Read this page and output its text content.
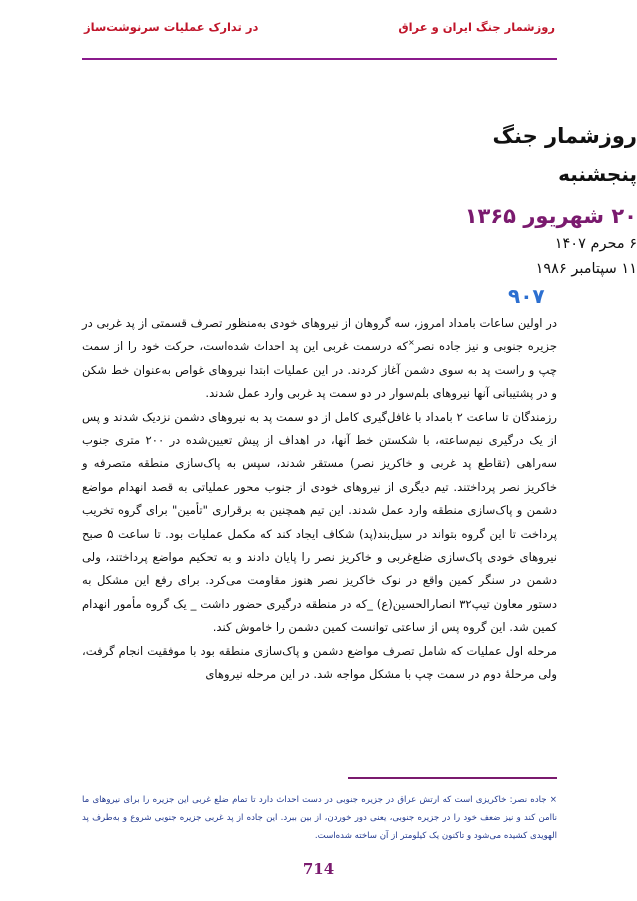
روزشمار جنگ ایران و عراق
در تدارک عملیات سرنوشت‌ساز
روزشمار جنگ
پنجشنبه
۲۰ شهریور ۱۳۶۵
۶ محرم ۱۴۰۷
۱۱ سپتامبر ۱۹۸۶
۹۰۷

در اولین ساعات بامداد امروز، سه گروهان از نیروهای خودی به‌منظور تصرف قسمتی از پد غربی در جزیره جنوبی و نیز جاده نصر×که درسمت غربی این پد احداث شده‌است، حرکت خود را از سمت چپ و راست پد به سوی دشمن آغاز کردند. در این عملیات ابتدا نیروهای غواص به‌عنوان خط شکن و در پشتیبانی آنها نیروهای بلم‌سوار در دو سمت پد غربی وارد عمل شدند.

رزمندگان تا ساعت ۲ بامداد با غافل‌گیری کامل از دو سمت پد به نیروهای دشمن نزدیک شدند و پس از یک درگیری نیم‌ساعته، با شکستن خط آنها، در اهداف از پیش تعیین‌شده در ۲۰۰ متری جنوب سه‌راهی (تقاطع پد غربی و خاکریز نصر) مستقر شدند، سپس به پاک‌سازی منطقه متصرفه و خاکریز نصر پرداختند. تیم دیگری از نیروهای خودی از جنوب محور عملیاتی به قصد انهدام مواضع دشمن و پاک‌سازی منطقه وارد عمل شدند. این تیم همچنین به برقراری "تأمین" برای گروه تخریب پرداخت تا این گروه بتواند در سیل‌بند(پد) شکاف ایجاد کند که مکمل عملیات بود. تا ساعت ۵ صبح نیروهای خودی پاک‌سازی ضلع‌غربی و خاکریز نصر را پایان دادند و به تحکیم مواضع پرداختند، ولی دشمن در سنگر کمین واقع در نوک خاکریز نصر هنوز مقاومت می‌کرد. برای رفع این مشکل به دستور معاون تیپ۳۲ انصارالحسین(ع) _که در منطقه درگیری حضور داشت _ یک گروه مأمور انهدام کمین شد. این گروه پس از ساعتی توانست کمین دشمن را خاموش کند.

مرحله اول عملیات که شامل تصرف مواضع دشمن و پاک‌سازی منطقه بود با موفقیت انجام گرفت، ولی مرحلهٔ دوم در سمت چپ با مشکل مواجه شد. در این مرحله نیروهای

× جاده نصر: خاکریزی است که ارتش عراق در جزیره جنوبی در دست احداث دارد تا تمام ضلع غربی این جزیره را برای نیروهای ما ناامن کند و نیز ضعف خود را در جزیره جنوبی، یعنی دور خوردن، از بین ببرد. این جاده از پد غربی جزیره جنوبی شروع و به‌طرف پد الهویدی کشیده می‌شود و تاکنون یک کیلومتر از آن ساخته شده‌است.
714
